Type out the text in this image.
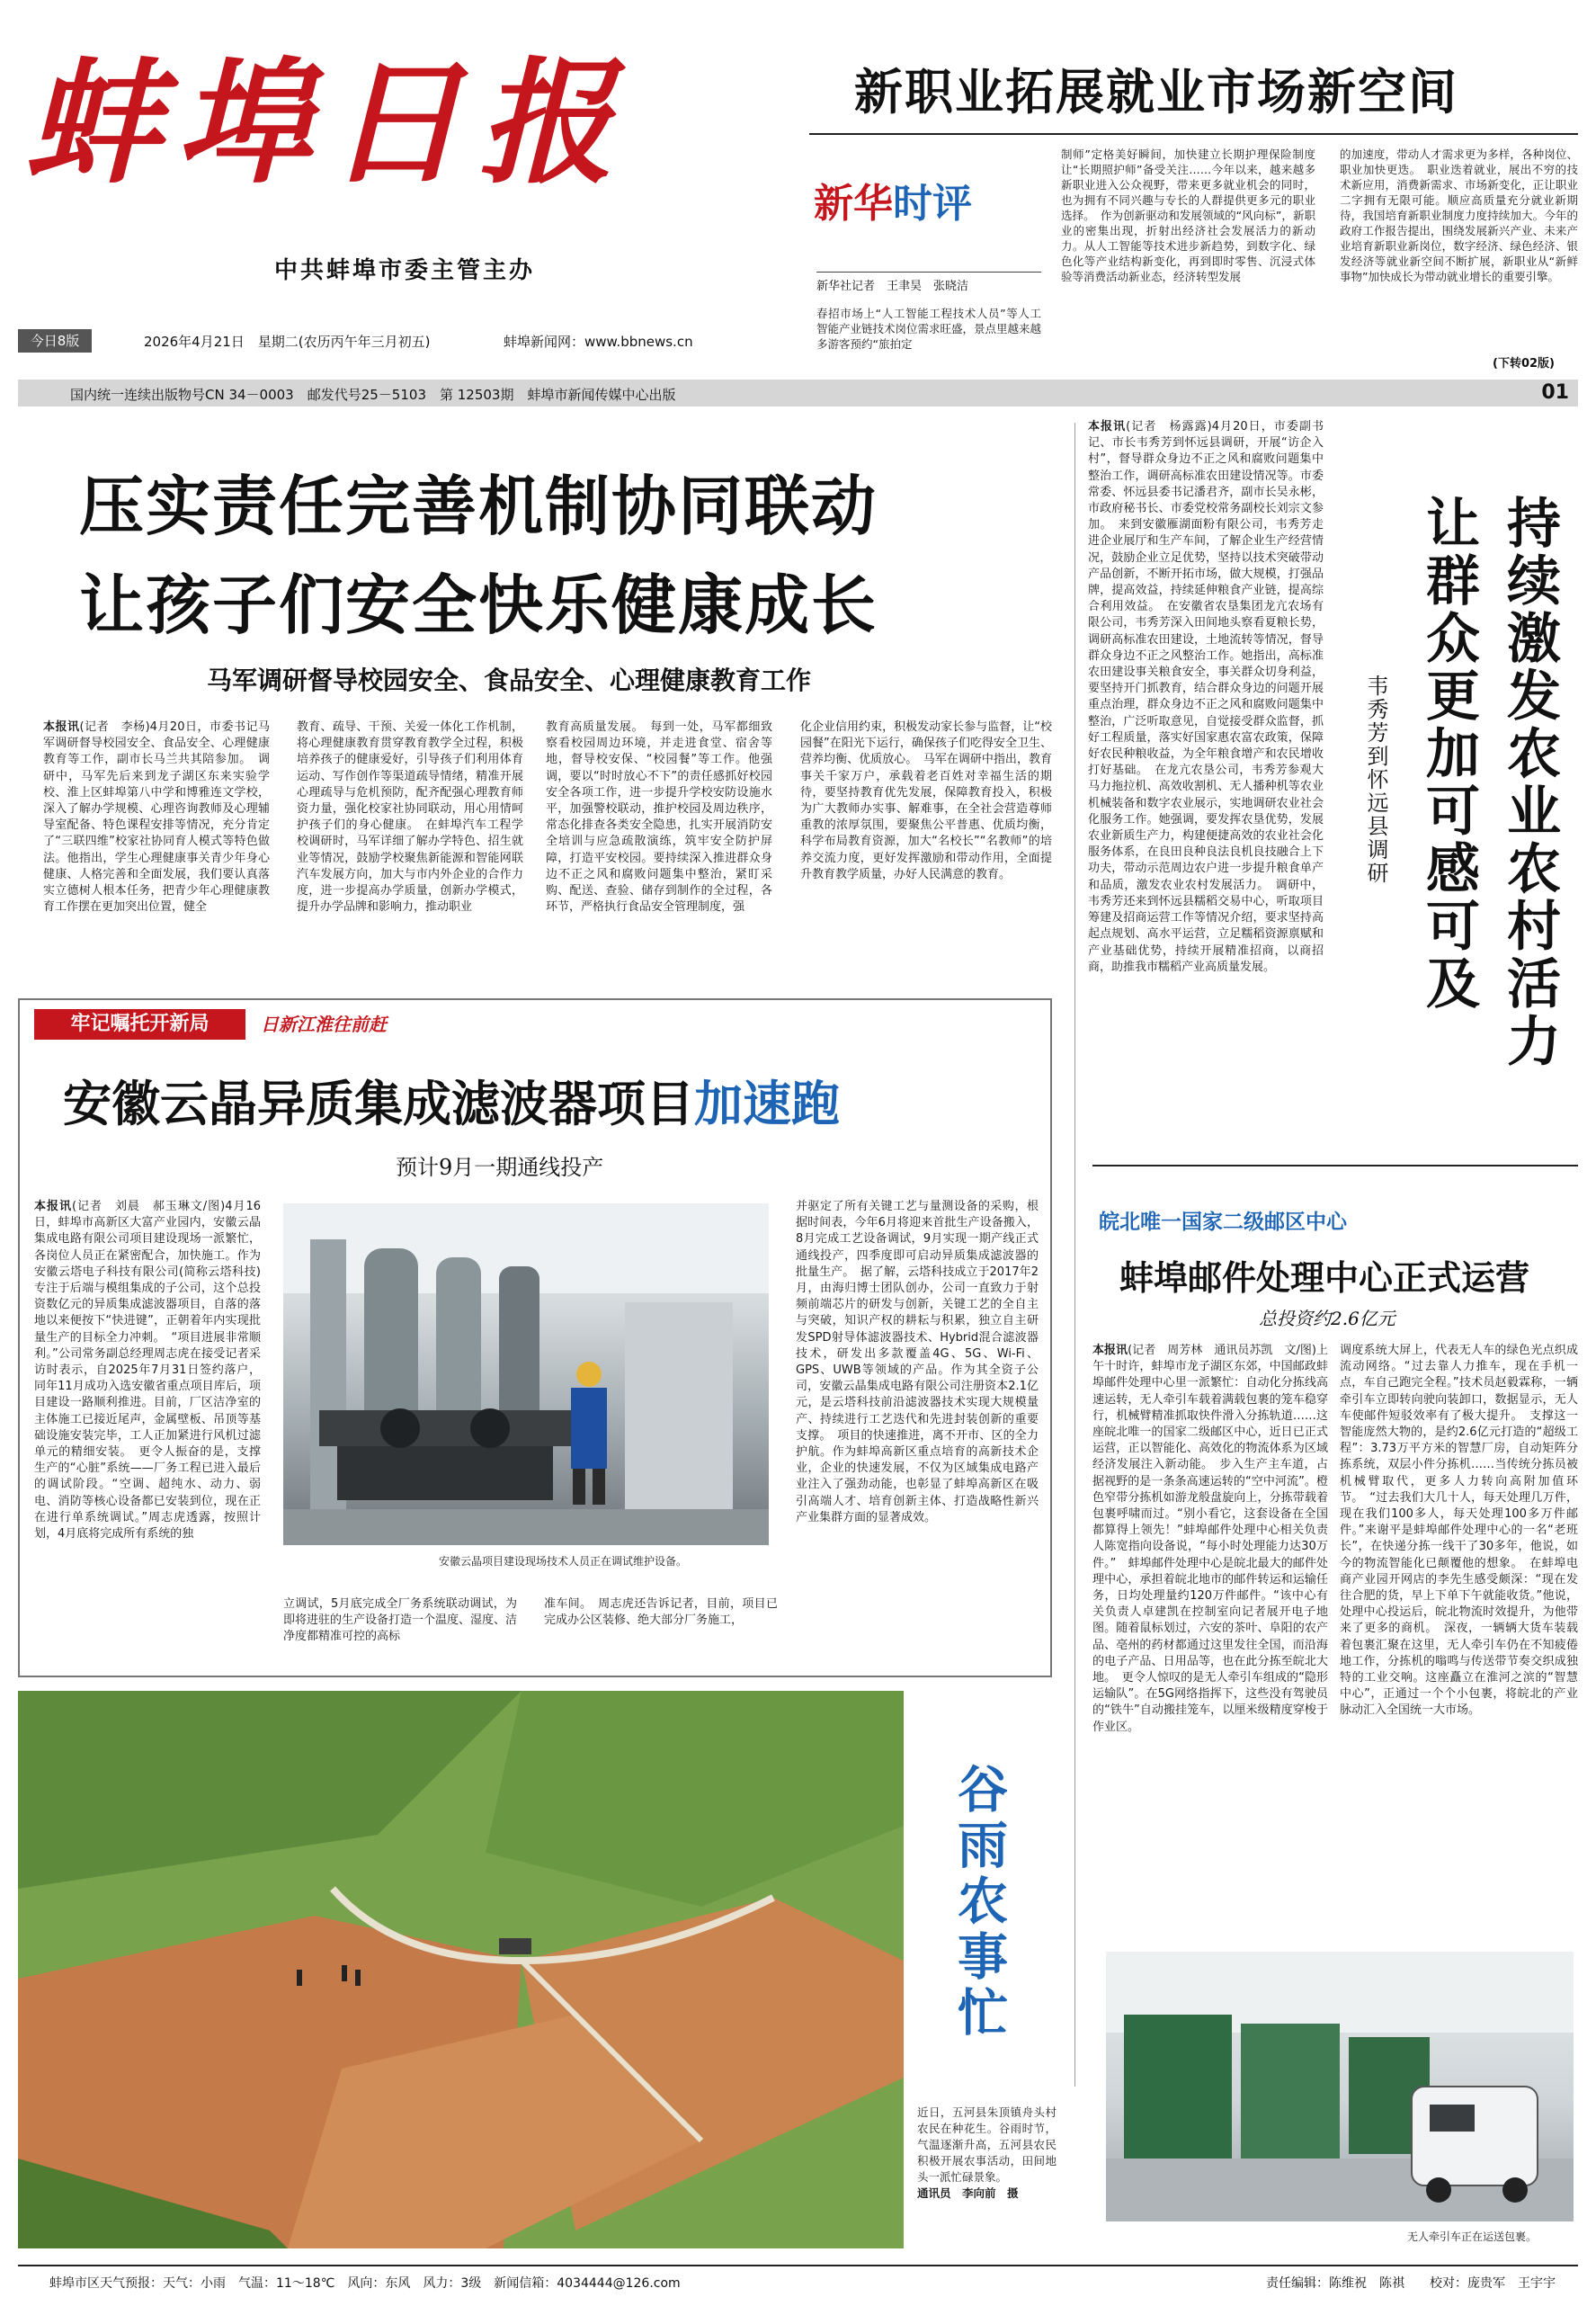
蚌埠日报
中共蚌埠市委主管主办
今日8版	2026年4月21日　星期二(农历丙午年三月初五)	蚌埠新闻网：www.bbnews.cn
国内统一连续出版物号CN 34－0003　邮发代号25－5103　第 12503期　蚌埠市新闻传媒中心出版	01
新职业拓展就业市场新空间
新华时评
新华社记者　王聿昊　张晓洁
春招市场上“人工智能工程技术人员”等人工智能产业链技术岗位需求旺盛，景点里越来越多游客预约“旅拍定
制师”定格美好瞬间，加快建立长期护理保险制度让“长期照护师”备受关注……今年以来，越来越多新职业进入公众视野，带来更多就业机会的同时，也为拥有不同兴趣与专长的人群提供更多元的职业选择。　作为创新驱动和发展领域的“风向标”，新职业的密集出现，折射出经济社会发展活力的新动力。从人工智能等技术进步新趋势，到数字化、绿色化等产业结构新变化，再到即时零售、沉浸式体验等消费活动新业态，经济转型发展
的加速度，带动人才需求更为多样，各种岗位、职业加快更迭。　职业迭着就业，展出不穷的技术新应用，消费新需求、市场新变化，正让职业二字拥有无限可能。顺应高质量充分就业新期待，我国培育新职业制度力度持续加大。今年的政府工作报告提出，围绕发展新兴产业、未来产业培育新职业新岗位，数字经济、绿色经济、银发经济等就业新空间不断扩展，新职业从“新鲜事物”加快成长为带动就业增长的重要引擎。
(下转02版)
压实责任完善机制协同联动
让孩子们安全快乐健康成长
马军调研督导校园安全、食品安全、心理健康教育工作
本报讯(记者　李杨)4月20日，市委书记马军调研督导校园安全、食品安全、心理健康教育等工作，副市长马兰共其陪参加。　调研中，马军先后来到龙子湖区东来实验学校、淮上区蚌埠第八中学和博雅连文学校，深入了解办学规模、心理咨询教师及心理辅导室配备、特色课程安排等情况，充分肯定了“三联四维”校家社协同育人模式等特色做法。他指出，学生心理健康事关青少年身心健康、人格完善和全面发展，我们要认真落实立德树人根本任务，把青少年心理健康教育工作摆在更加突出位置，健全
教育、疏导、干预、关爱一体化工作机制，将心理健康教育贯穿教育教学全过程，积极培养孩子的健康爱好，引导孩子们利用体育运动、写作创作等渠道疏导情绪，精准开展心理疏导与危机预防，配齐配强心理教育师资力量，强化校家社协同联动，用心用情呵护孩子们的身心健康。　在蚌埠汽车工程学校调研时，马军详细了解办学特色、招生就业等情况，鼓励学校聚焦新能源和智能网联汽车发展方向，加大与市内外企业的合作力度，进一步提高办学质量，创新办学模式，提升办学品牌和影响力，推动职业
教育高质量发展。　每到一处，马军都细致察看校园周边环境，并走进食堂、宿舍等地，督导校安保、“校园餐”等工作。他强调，要以“时时放心不下”的责任感抓好校园安全各项工作，进一步提升学校安防设施水平，加强警校联动，推护校园及周边秩序，常态化排查各类安全隐患，扎实开展消防安全培训与应急疏散演练，筑牢安全防护屏障，打造平安校园。要持续深入推进群众身边不正之风和腐败问题集中整治，紧盯采购、配送、查验、储存到制作的全过程，各环节，严格执行食品安全管理制度，强
化企业信用约束，积极发动家长参与监督，让“校园餐”在阳光下运行，确保孩子们吃得安全卫生、营养均衡、优质放心。　马军在调研中指出，教育事关千家万户，承载着老百姓对幸福生活的期待，要坚持教育优先发展，保障教育投入，积极为广大教师办实事、解难事，在全社会营造尊师重教的浓厚氛围，要聚焦公平普惠、优质均衡，科学布局教育资源，加大“名校长”“名教师”的培养交流力度，更好发挥激励和带动作用，全面提升教育教学质量，办好人民满意的教育。
牢记嘱托开新局	日新江淮往前赶
安徽云晶异质集成滤波器项目加速跑
预计9月一期通线投产
本报讯(记者　刘晨　郝玉琳文/图)4月16日，蚌埠市高新区大富产业园内，安徽云晶集成电路有限公司项目建设现场一派繁忙，各岗位人员正在紧密配合，加快施工。作为安徽云塔电子科技有限公司(简称云塔科技)专注于后端与模组集成的子公司，这个总投资数亿元的异质集成滤波器项目，自落的落地以来便按下“快进键”，正朝着年内实现批量生产的目标全力冲刺。　“项目进展非常顺利。”公司常务副总经理周志虎在接受记者采访时表示，自2025年7月31日签约落户，同年11月成功入选安徽省重点项目库后，项目建设一路顺利推进。目前，厂区洁净室的主体施工已接近尾声，金属壁板、吊顶等基础设施安装完毕，工人正加紧进行风机过滤单元的精细安装。　更令人振奋的是，支撑生产的“心脏”系统——厂务工程已进入最后的调试阶段。“空调、超纯水、动力、弱电、消防等核心设备都已安装到位，现在正在进行单系统调试。”周志虎透露，按照计划，4月底将完成所有系统的独
安徽云晶项目建设现场技术人员正在调试维护设备。
并驱定了所有关键工艺与量测设备的采购，根据时间表，今年6月将迎来首批生产设备搬入，8月完成工艺设备调试，9月实现一期产线正式通线投产，四季度即可启动异质集成滤波器的批量生产。　据了解，云塔科技成立于2017年2月，由海归博士团队创办，公司一直致力于射频前端芯片的研发与创新，关键工艺的全自主与突破，知识产权的耕耘与积累，独立自主研发SPD射导体滤波器技术、Hybrid混合滤波器技术，研发出多款覆盖4G、5G、Wi-Fi、GPS、UWB等领域的产品。作为其全资子公司，安徽云晶集成电路有限公司注册资本2.1亿元，是云塔科技前沿滤波器技术实现大规模量产、持续进行工艺迭代和先进封装创新的重要支撑。　项目的快速推进，离不开市、区的全力护航。作为蚌埠高新区重点培育的高新技术企业，企业的快速发展，不仅为区域集成电路产业注入了强劲动能，也彰显了蚌埠高新区在吸引高端人才、培育创新主体、打造战略性新兴产业集群方面的显著成效。
立调试，5月底完成全厂务系统联动调试，为即将进驻的生产设备打造一个温度、湿度、洁净度都精准可控的高标
准车间。　周志虎还告诉记者，目前，项目已完成办公区装修、绝大部分厂务施工，
本报讯(记者　杨露露)4月20日，市委副书记、市长韦秀芳到怀远县调研，开展“访企入村”，督导群众身边不正之风和腐败问题集中整治工作，调研高标准农田建设情况等。市委常委、怀远县委书记潘君齐，副市长吴永彬，市政府秘书长、市委党校常务副校长刘宗文参加。　来到安徽雁湖面粉有限公司，韦秀芳走进企业展厅和生产车间，了解企业生产经营情况，鼓励企业立足优势，坚持以技术突破带动产品创新，不断开拓市场，做大规模，打强品牌，提高效益，持续延伸粮食产业链，提高综合利用效益。　在安徽省农垦集团龙亢农场有限公司，韦秀芳深入田间地头察看夏粮长势，调研高标准农田建设，土地流转等情况，督导群众身边不正之风整治工作。她指出，高标准农田建设事关粮食安全，事关群众切身利益，要坚持开门抓教育，结合群众身边的问题开展重点治理，群众身边不正之风和腐败问题集中整治，广泛听取意见，自觉接受群众监督，抓好工程质量，落实好国家惠农富农政策，保障好农民种粮收益，为全年粮食增产和农民增收打好基础。　在龙亢农垦公司，韦秀芳参观大马力拖拉机、高效收割机、无人播种机等农业机械装备和数字农业展示，实地调研农业社会化服务工作。她强调，要发挥农垦优势，发展农业新质生产力，构建便捷高效的农业社会化服务体系，在良田良种良法良机良技融合上下功夫，带动示范周边农户进一步提升粮食单产和品质，激发农业农村发展活力。　调研中，韦秀芳还来到怀远县糯稻交易中心，听取项目筹建及招商运营工作等情况介绍，要求坚持高起点规划、高水平运营，立足糯稻资源禀赋和产业基础优势，持续开展精准招商，以商招商，助推我市糯稻产业高质量发展。	持续激发农业农村活力
让群众更加可感可及
韦秀芳到怀远县调研
皖北唯一国家二级邮区中心
蚌埠邮件处理中心正式运营
总投资约2.6亿元
本报讯(记者　周芳林　通讯员苏凯　文/图)上午十时许，蚌埠市龙子湖区东郊，中国邮政蚌埠邮件处理中心里一派繁忙：自动化分拣线高速运转，无人牵引车载着满载包裹的笼车稳穿行，机械臂精准抓取快件滑入分拣轨道……这座皖北唯一的国家二级邮区中心，近日已正式运营，正以智能化、高效化的物流体系为区域经济发展注入新动能。　步入生产主车道，占据视野的是一条条高速运转的“空中河流”。橙色窄带分拣机如游龙般盘旋向上，分拣带载着包裹呼啸而过。“别小看它，这套设备在全国都算得上领先！”蚌埠邮件处理中心相关负责人陈宽指向设备说，“每小时处理能力达30万件。”　蚌埠邮件处理中心是皖北最大的邮件处理中心，承担着皖北地市的邮件转运和运输任务，日均处理量约120万件邮件。“该中心有关负责人卓建凯在控制室向记者展开电子地图。随着鼠标划过，六安的茶叶、阜阳的农产品、亳州的药材都通过这里发往全国，而沿海的电子产品、日用品等，也在此分拣至皖北大地。　更令人惊叹的是无人牵引车组成的“隐形运输队”。在5G网络指挥下，这些没有驾驶员的“铁牛”自动搬挂笼车，以厘米级精度穿梭于作业区。
调度系统大屏上，代表无人车的绿色光点织成流动网络。“过去靠人力推车，现在手机一点，车自己跑完全程。”技术员赵毅霖称，一辆牵引车立即转向驶向装卸口，数据显示，无人车使邮件短驳效率有了极大提升。　支撑这一智能庞然大物的，是约2.6亿元打造的“超级工程”：3.73万平方米的智慧厂房，自动矩阵分拣系统，双层小件分拣机……当传统分拣员被机械臂取代，更多人力转向高附加值环节。　“过去我们大几十人，每天处理几万件，现在我们100多人，每天处理100多万件邮件。”来谢平是蚌埠邮件处理中心的一名“老班长”，在快递分拣一线干了30多年，他说，如今的物流智能化已颠覆他的想象。　在蚌埠电商产业园开网店的李先生感受颇深：“现在发往合肥的货，早上下单下午就能收货。”他说，处理中心投运后，皖北物流时效提升，为他带来了更多的商机。　深夜，一辆辆大货车装载着包裹汇聚在这里，无人牵引车仍在不知疲倦地工作，分拣机的嗡鸣与传送带节奏交织成独特的工业交响。这座矗立在淮河之滨的“智慧中心”，正通过一个个小包裹，将皖北的产业脉动汇入全国统一大市场。
无人牵引车正在运送包裹。
谷雨农事忙
近日，五河县朱顶镇舟头村农民在种花生。谷雨时节，气温逐渐升高，五河县农民积极开展农事活动，田间地头一派忙碌景象。
通讯员　李向前　摄
蚌埠市区天气预报：天气：小雨　气温：11～18℃　风向：东风　风力：3级　新闻信箱：4034444@126.com	责任编辑：陈维祝　陈祺　　校对：庞贵军　王宇宇
